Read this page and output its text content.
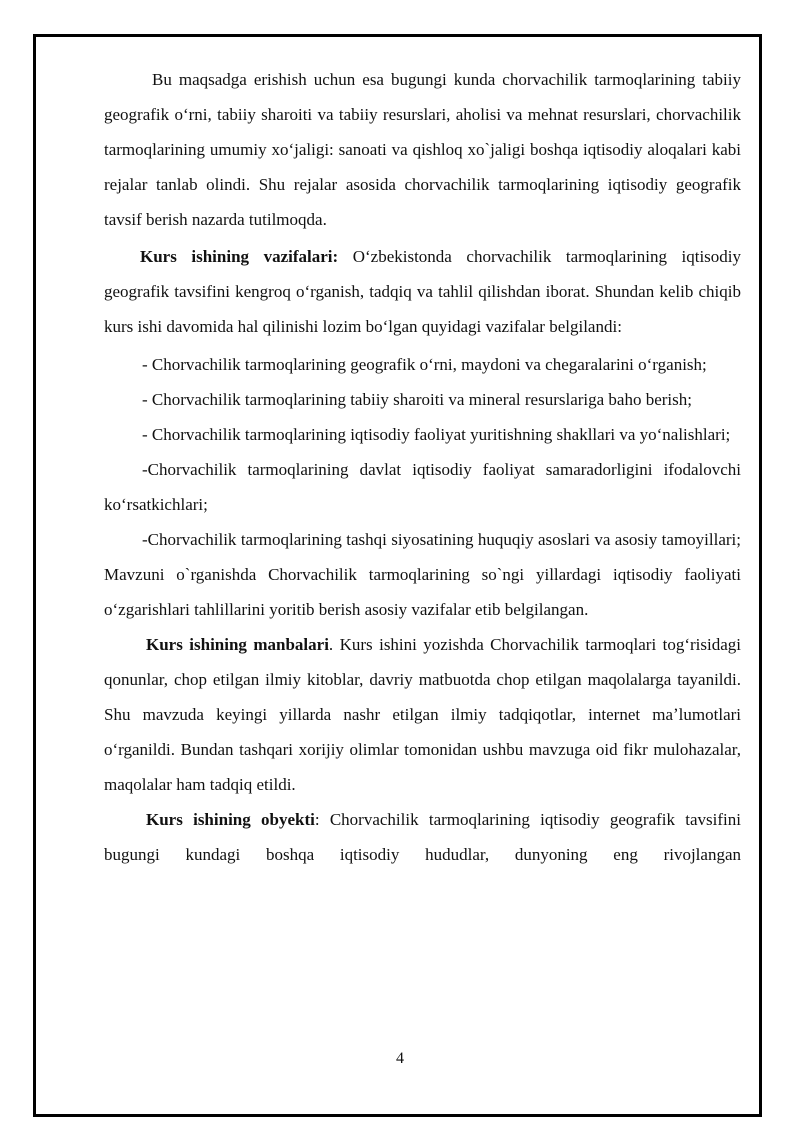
Bu maqsadga erishish uchun esa bugungi kunda chorvachilik tarmoqlarining tabiiy geografik oʻrni, tabiiy sharoiti va tabiiy resurslari, aholisi va mehnat resurslari, chorvachilik tarmoqlarining umumiy xoʻjaligi: sanoati va qishloq xo`jaligi boshqa iqtisodiy aloqalari kabi rejalar tanlab olindi. Shu rejalar asosida chorvachilik tarmoqlarining iqtisodiy geografik tavsif berish nazarda tutilmoqda.

Kurs ishining vazifalari: Oʻzbekistonda chorvachilik tarmoqlarining iqtisodiy geografik tavsifini kengroq oʻrganish, tadqiq va tahlil qilishdan iborat. Shundan kelib chiqib kurs ishi davomida hal qilinishi lozim boʻlgan quyidagi vazifalar belgilandi:

- Chorvachilik tarmoqlarining geografik oʻrni, maydoni va chegaralarini oʻrganish;

- Chorvachilik tarmoqlarining tabiiy sharoiti va mineral resurslariga baho berish;

- Chorvachilik tarmoqlarining iqtisodiy faoliyat yuritishning shakllari va yoʻnalishlari;

-Chorvachilik tarmoqlarining davlat iqtisodiy faoliyat samaradorligini ifodalovchi koʻrsatkichlari;

-Chorvachilik tarmoqlarining tashqi siyosatining huquqiy asoslari va asosiy tamoyillari; Mavzuni o`rganishda Chorvachilik tarmoqlarining so`ngi yillardagi iqtisodiy faoliyati oʻzgarishlari tahlillarini yoritib berish asosiy vazifalar etib belgilangan.

Kurs ishining manbalari. Kurs ishini yozishda Chorvachilik tarmoqlari togʻrisidagi qonunlar, chop etilgan ilmiy kitoblar, davriy matbuotda chop etilgan maqolalarga tayanildi. Shu mavzuda keyingi yillarda nashr etilgan ilmiy tadqiqotlar, internet maʼlumotlari oʻrganildi. Bundan tashqari xorijiy olimlar tomonidan ushbu mavzuga oid fikr mulohazalar, maqolalar ham tadqiq etildi.

Kurs ishining obyekti: Chorvachilik tarmoqlarining iqtisodiy geografik tavsifini bugungi kundagi boshqa iqtisodiy hududlar, dunyoning eng rivojlangan

4
